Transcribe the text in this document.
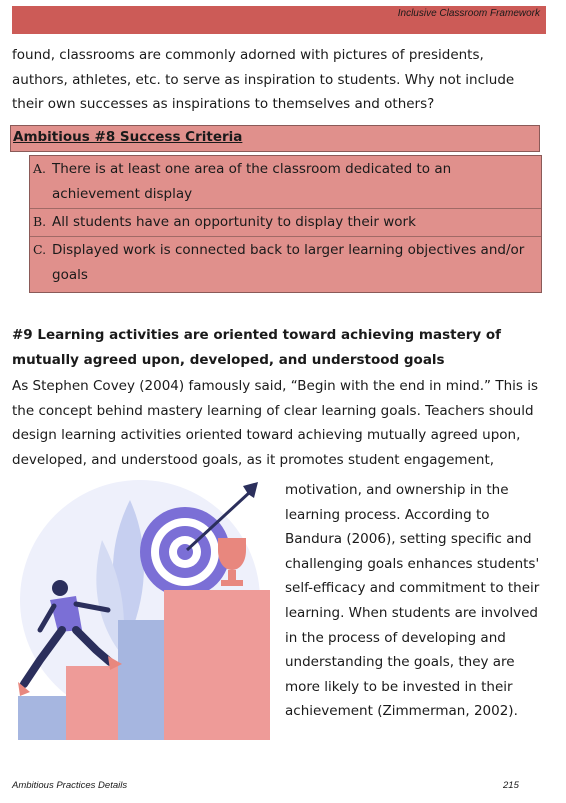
Inclusive Classroom Framework

found, classrooms are commonly adorned with pictures of presidents, authors, athletes, etc. to serve as inspiration to students. Why not include their own successes as inspirations to themselves and others?

Ambitious #8 Success Criteria
A. There is at least one area of the classroom dedicated to an achievement display
B. All students have an opportunity to display their work
C. Displayed work is connected back to larger learning objectives and/or goals
#9 Learning activities are oriented toward achieving mastery of mutually agreed upon, developed, and understood goals

As Stephen Covey (2004) famously said, “Begin with the end in mind.” This is the concept behind mastery learning of clear learning goals. Teachers should design learning activities oriented toward achieving mutually agreed upon, developed, and understood goals, as it promotes student engagement,

motivation, and ownership in the learning process. According to Bandura (2006), setting specific and challenging goals enhances students' self-efficacy and commitment to their learning. When students are involved in the process of developing and understanding the goals, they are more likely to be invested in their achievement (Zimmerman, 2002).

Ambitious Practices Details	215
